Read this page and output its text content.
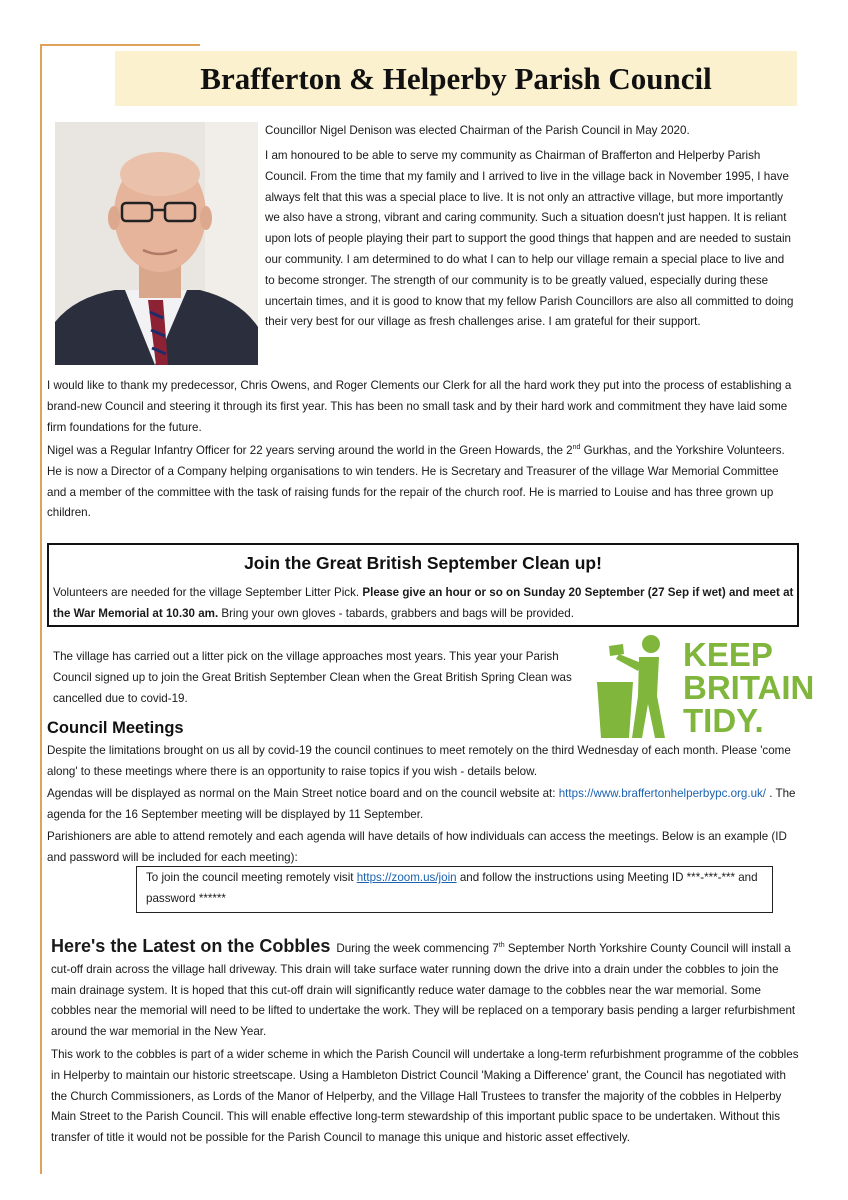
Brafferton & Helperby Parish Council

Councillor Nigel Denison was elected Chairman of the Parish Council in May 2020.

I am honoured to be able to serve my community as Chairman of Brafferton and Helperby Parish Council. From the time that my family and I arrived to live in the village back in November 1995, I have always felt that this was a special place to live. It is not only an attractive village, but more importantly we also have a strong, vibrant and caring community. Such a situation doesn't just happen. It is reliant upon lots of people playing their part to support the good things that happen and are needed to sustain our community. I am determined to do what I can to help our village remain a special place to live and to become stronger. The strength of our community is to be greatly valued, especially during these uncertain times, and it is good to know that my fellow Parish Councillors are also all committed to doing their very best for our village as fresh challenges arise. I am grateful for their support.

I would like to thank my predecessor, Chris Owens, and Roger Clements our Clerk for all the hard work they put into the process of establishing a brand-new Council and steering it through its first year. This has been no small task and by their hard work and commitment they have laid some firm foundations for the future.

Nigel was a Regular Infantry Officer for 22 years serving around the world in the Green Howards, the 2nd Gurkhas, and the Yorkshire Volunteers. He is now a Director of a Company helping organisations to win tenders. He is Secretary and Treasurer of the village War Memorial Committee and a member of the committee with the task of raising funds for the repair of the church roof. He is married to Louise and has three grown up children.

Join the Great British September Clean up!

Volunteers are needed for the village September Litter Pick. Please give an hour or so on Sunday 20 September (27 Sep if wet) and meet at the War Memorial at 10.30 am. Bring your own gloves - tabards, grabbers and bags will be provided.

The village has carried out a litter pick on the village approaches most years. This year your Parish Council signed up to join the Great British September Clean when the Great British Spring Clean was cancelled due to covid-19.

KEEP
BRITAIN
TIDY.
Council Meetings

Despite the limitations brought on us all by covid-19 the council continues to meet remotely on the third Wednesday of each month. Please 'come along' to these meetings where there is an opportunity to raise topics if you wish - details below.

Agendas will be displayed as normal on the Main Street notice board and on the council website at: https://www.braffertonhelperbypc.org.uk/ . The agenda for the 16 September meeting will be displayed by 11 September.

Parishioners are able to attend remotely and each agenda will have details of how individuals can access the meetings. Below is an example (ID and password will be included for each meeting):

To join the council meeting remotely visit https://zoom.us/join and follow the instructions using Meeting ID ***-***-*** and password ******

Here's the Latest on the Cobbles During the week commencing 7th September North Yorkshire County Council will install a cut-off drain across the village hall driveway. This drain will take surface water running down the drive into a drain under the cobbles to join the main drainage system. It is hoped that this cut-off drain will significantly reduce water damage to the cobbles near the war memorial. Some cobbles near the memorial will need to be lifted to undertake the work. They will be replaced on a temporary basis pending a larger refurbishment around the war memorial in the New Year.

This work to the cobbles is part of a wider scheme in which the Parish Council will undertake a long-term refurbishment programme of the cobbles in Helperby to maintain our historic streetscape. Using a Hambleton District Council 'Making a Difference' grant, the Council has negotiated with the Church Commissioners, as Lords of the Manor of Helperby, and the Village Hall Trustees to transfer the majority of the cobbles in Helperby Main Street to the Parish Council. This will enable effective long-term stewardship of this important public space to be undertaken. Without this transfer of title it would not be possible for the Parish Council to manage this unique and historic asset effectively.
